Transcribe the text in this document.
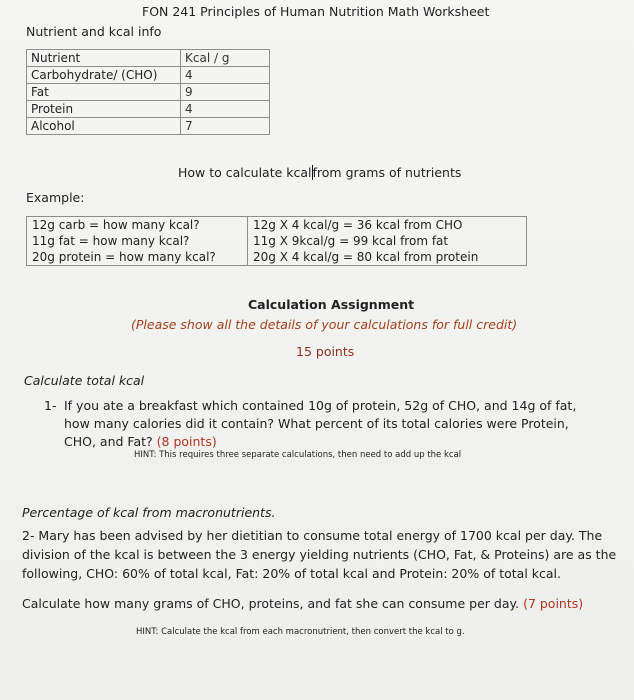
FON 241 Principles of Human Nutrition Math Worksheet
Nutrient and kcal info
Nutrient	Kcal / g
Carbohydrate/ (CHO)	4
Fat	9
Protein	4
Alcohol	7
How to calculate kcalfrom grams of nutrients
Example:
12g carb = how many kcal?	12g X 4 kcal/g = 36 kcal from CHO
11g fat = how many kcal?	11g X 9kcal/g = 99 kcal from fat
20g protein = how many kcal?	20g X 4 kcal/g = 80 kcal from protein
Calculation Assignment
(Please show all the details of your calculations for full credit)
15 points
Calculate total kcal
1- If you ate a breakfast which contained 10g of protein, 52g of CHO, and 14g of fat, how many calories did it contain? What percent of its total calories were Protein, CHO, and Fat? (8 points)
HINT: This requires three separate calculations, then need to add up the kcal
Percentage of kcal from macronutrients.
2- Mary has been advised by her dietitian to consume total energy of 1700 kcal per day. The division of the kcal is between the 3 energy yielding nutrients (CHO, Fat, & Proteins) are as the following, CHO: 60% of total kcal, Fat: 20% of total kcal and Protein: 20% of total kcal.
Calculate how many grams of CHO, proteins, and fat she can consume per day. (7 points)
HINT: Calculate the kcal from each macronutrient, then convert the kcal to g.
